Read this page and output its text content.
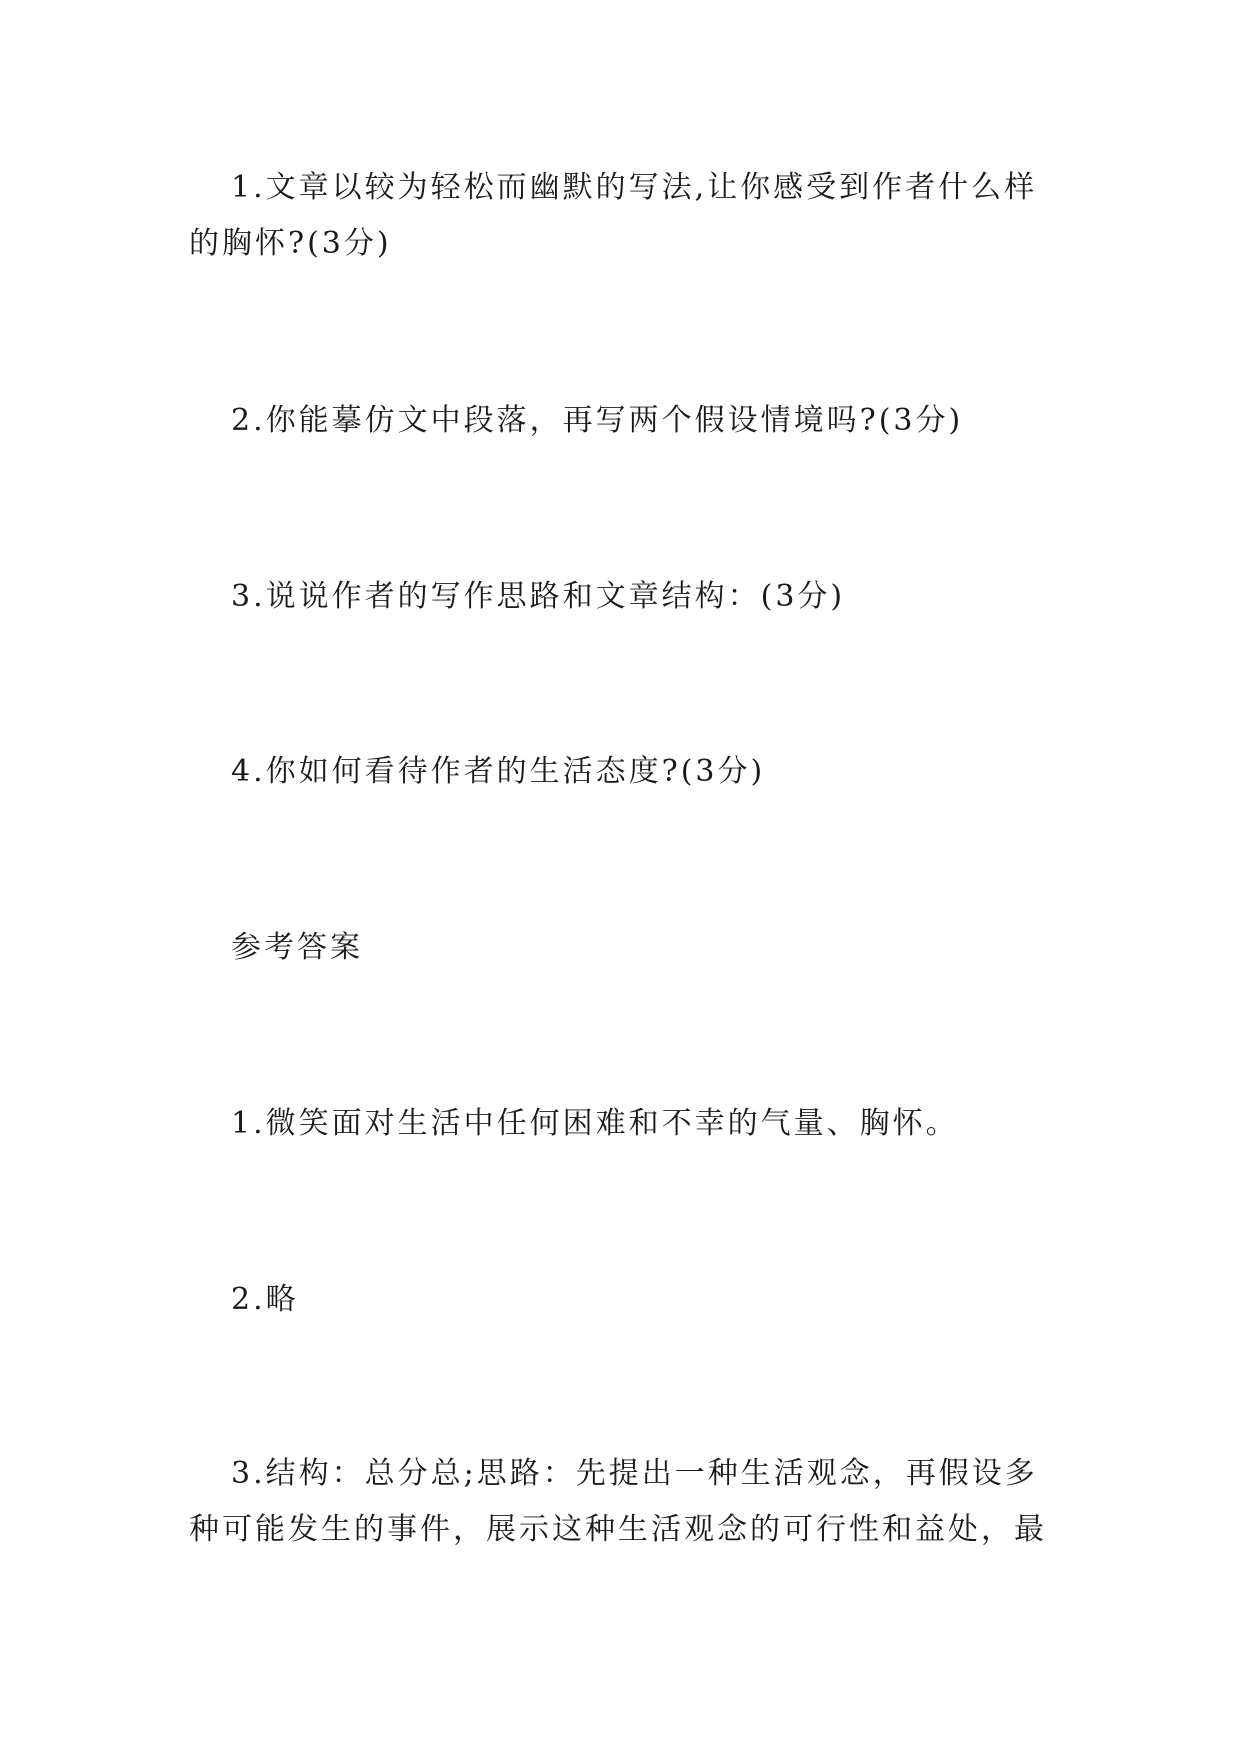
1.文章以较为轻松而幽默的写法,让你感受到作者什么样的胸怀?(3分)

2.你能摹仿文中段落，再写两个假设情境吗?(3分)

3.说说作者的写作思路和文章结构：(3分)

4.你如何看待作者的生活态度?(3分)

参考答案

1.微笑面对生活中任何困难和不幸的气量、胸怀。

2.略

3.结构：总分总;思路：先提出一种生活观念，再假设多种可能发生的事件，展示这种生活观念的可行性和益处，最
